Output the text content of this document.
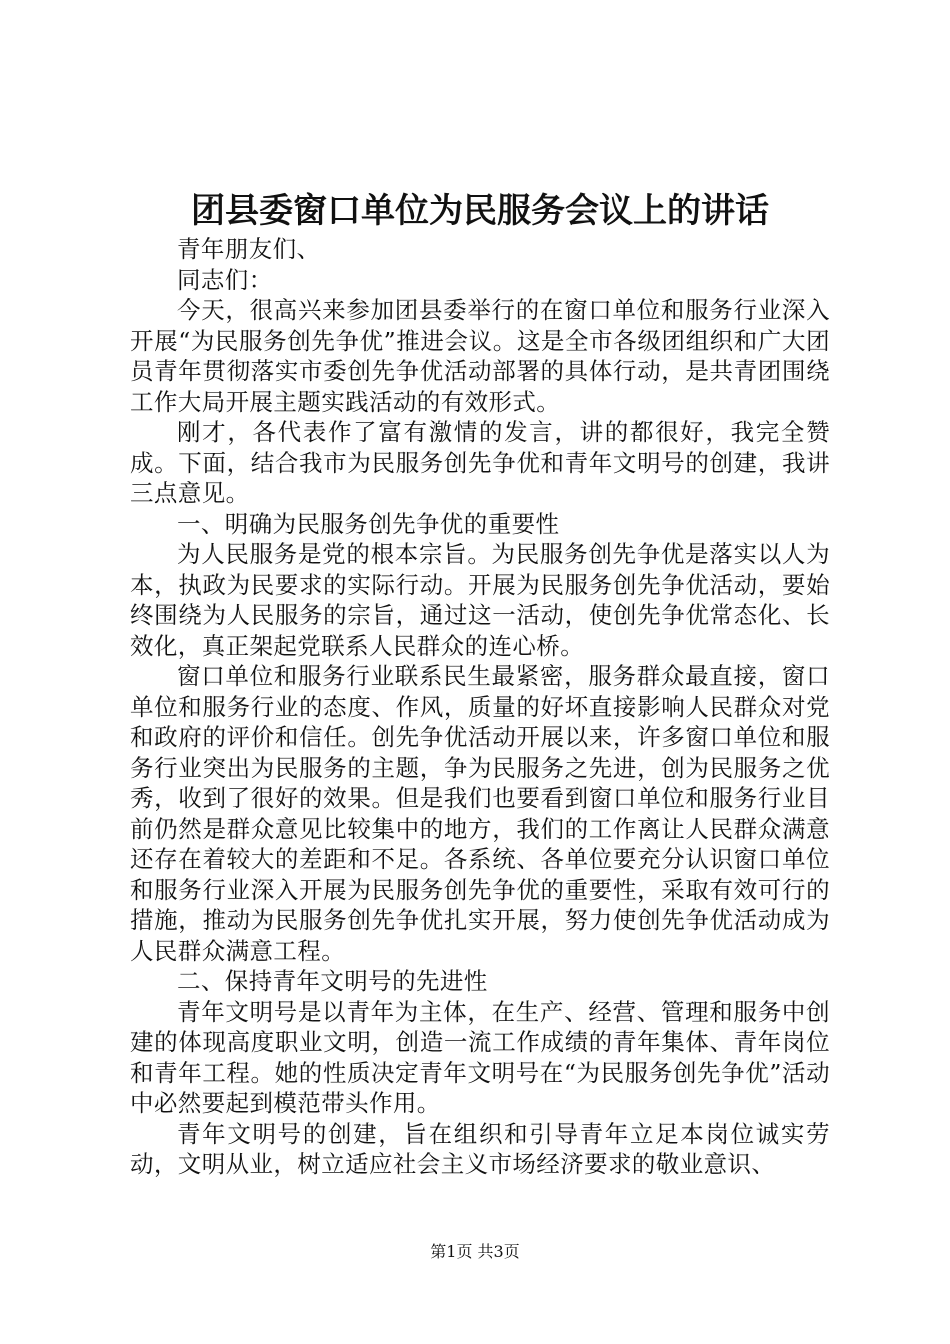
团县委窗口单位为民服务会议上的讲话

青年朋友们、

同志们：

今天，很高兴来参加团县委举行的在窗口单位和服务行业深入开展“为民服务创先争优”推进会议。这是全市各级团组织和广大团员青年贯彻落实市委创先争优活动部署的具体行动，是共青团围绕工作大局开展主题实践活动的有效形式。

刚才，各代表作了富有激情的发言，讲的都很好，我完全赞成。下面，结合我市为民服务创先争优和青年文明号的创建，我讲三点意见。

一、明确为民服务创先争优的重要性

为人民服务是党的根本宗旨。为民服务创先争优是落实以人为本，执政为民要求的实际行动。开展为民服务创先争优活动，要始终围绕为人民服务的宗旨，通过这一活动，使创先争优常态化、长效化，真正架起党联系人民群众的连心桥。

窗口单位和服务行业联系民生最紧密，服务群众最直接，窗口单位和服务行业的态度、作风，质量的好坏直接影响人民群众对党和政府的评价和信任。创先争优活动开展以来，许多窗口单位和服务行业突出为民服务的主题，争为民服务之先进，创为民服务之优秀，收到了很好的效果。但是我们也要看到窗口单位和服务行业目前仍然是群众意见比较集中的地方，我们的工作离让人民群众满意还存在着较大的差距和不足。各系统、各单位要充分认识窗口单位和服务行业深入开展为民服务创先争优的重要性，采取有效可行的措施，推动为民服务创先争优扎实开展，努力使创先争优活动成为人民群众满意工程。

二、保持青年文明号的先进性

青年文明号是以青年为主体，在生产、经营、管理和服务中创建的体现高度职业文明，创造一流工作成绩的青年集体、青年岗位和青年工程。她的性质决定青年文明号在“为民服务创先争优”活动中必然要起到模范带头作用。

青年文明号的创建，旨在组织和引导青年立足本岗位诚实劳动，文明从业，树立适应社会主义市场经济要求的敬业意识、

第1页 共3页
